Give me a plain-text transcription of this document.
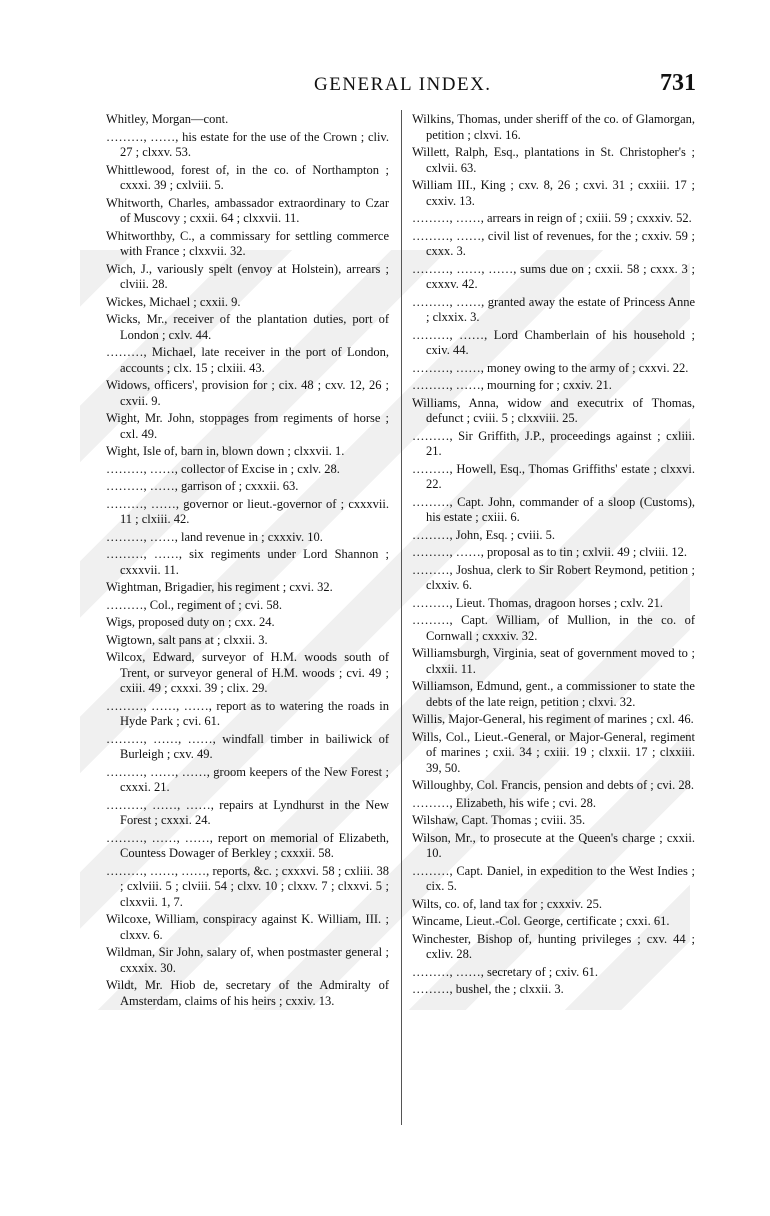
GENERAL INDEX.	731
Whitley, Morgan—cont.
………, ……, his estate for the use of the Crown ; cliv. 27 ; clxxv. 53.
Whittlewood, forest of, in the co. of Northampton ; cxxxi. 39 ; cxlviii. 5.
Whitworth, Charles, ambassador extraordinary to Czar of Muscovy ; cxxii. 64 ; clxxvii. 11.
Whitworthby, C., a commissary for settling commerce with France ; clxxvii. 32.
Wich, J., variously spelt (envoy at Holstein), arrears ; clviii. 28.
Wickes, Michael ; cxxii. 9.
Wicks, Mr., receiver of the plantation duties, port of London ; cxlv. 44.
………, Michael, late receiver in the port of London, accounts ; clx. 15 ; clxiii. 43.
Widows, officers', provision for ; cix. 48 ; cxv. 12, 26 ; cxvii. 9.
Wight, Mr. John, stoppages from regiments of horse ; cxl. 49.
Wight, Isle of, barn in, blown down ; clxxvii. 1.
………, ……, collector of Excise in ; cxlv. 28.
………, ……, garrison of ; cxxxii. 63.
………, ……, governor or lieut.-governor of ; cxxxvii. 11 ; clxiii. 42.
………, ……, land revenue in ; cxxxiv. 10.
………, ……, six regiments under Lord Shannon ; cxxxvii. 11.
Wightman, Brigadier, his regiment ; cxvi. 32.
………, Col., regiment of ; cvi. 58.
Wigs, proposed duty on ; cxx. 24.
Wigtown, salt pans at ; clxxii. 3.
Wilcox, Edward, surveyor of H.M. woods south of Trent, or surveyor general of H.M. woods ; cvi. 49 ; cxiii. 49 ; cxxxi. 39 ; clix. 29.
………, ……, ……, report as to watering the roads in Hyde Park ; cvi. 61.
………, ……, ……, windfall timber in bailiwick of Burleigh ; cxv. 49.
………, ……, ……, groom keepers of the New Forest ; cxxxi. 21.
………, ……, ……, repairs at Lyndhurst in the New Forest ; cxxxi. 24.
………, ……, ……, report on memorial of Elizabeth, Countess Dowager of Berkley ; cxxxii. 58.
………, ……, ……, reports, &c. ; cxxxvi. 58 ; cxliii. 38 ; cxlviii. 5 ; clviii. 54 ; clxv. 10 ; clxxv. 7 ; clxxvi. 5 ; clxxvii. 1, 7.
Wilcoxe, William, conspiracy against K. William, III. ; clxxv. 6.
Wildman, Sir John, salary of, when postmaster general ; cxxxix. 30.
Wildt, Mr. Hiob de, secretary of the Admiralty of Amsterdam, claims of his heirs ; cxxiv. 13.
Wilkins, Thomas, under sheriff of the co. of Glamorgan, petition ; clxvi. 16.
Willett, Ralph, Esq., plantations in St. Christopher's ; cxlvii. 63.
William III., King ; cxv. 8, 26 ; cxvi. 31 ; cxxiii. 17 ; cxxiv. 13.
………, ……, arrears in reign of ; cxiii. 59 ; cxxxiv. 52.
………, ……, civil list of revenues, for the ; cxxiv. 59 ; cxxx. 3.
………, ……, ……, sums due on ; cxxii. 58 ; cxxx. 3 ; cxxxv. 42.
………, ……, granted away the estate of Princess Anne ; clxxix. 3.
………, ……, Lord Chamberlain of his household ; cxiv. 44.
………, ……, money owing to the army of ; cxxvi. 22.
………, ……, mourning for ; cxxiv. 21.
Williams, Anna, widow and executrix of Thomas, defunct ; cviii. 5 ; clxxviii. 25.
………, Sir Griffith, J.P., proceedings against ; cxliii. 21.
………, Howell, Esq., Thomas Griffiths' estate ; clxxvi. 22.
………, Capt. John, commander of a sloop (Customs), his estate ; cxiii. 6.
………, John, Esq. ; cviii. 5.
………, ……, proposal as to tin ; cxlvii. 49 ; clviii. 12.
………, Joshua, clerk to Sir Robert Reymond, petition ; clxxiv. 6.
………, Lieut. Thomas, dragoon horses ; cxlv. 21.
………, Capt. William, of Mullion, in the co. of Cornwall ; cxxxiv. 32.
Williamsburgh, Virginia, seat of government moved to ; clxxii. 11.
Williamson, Edmund, gent., a commissioner to state the debts of the late reign, petition ; clxvi. 32.
Willis, Major-General, his regiment of marines ; cxl. 46.
Wills, Col., Lieut.-General, or Major-General, regiment of marines ; cxii. 34 ; cxiii. 19 ; clxxii. 17 ; clxxiii. 39, 50.
Willoughby, Col. Francis, pension and debts of ; cvi. 28.
………, Elizabeth, his wife ; cvi. 28.
Wilshaw, Capt. Thomas ; cviii. 35.
Wilson, Mr., to prosecute at the Queen's charge ; cxxii. 10.
………, Capt. Daniel, in expedition to the West Indies ; cix. 5.
Wilts, co. of, land tax for ; cxxxiv. 25.
Wincame, Lieut.-Col. George, certificate ; cxxi. 61.
Winchester, Bishop of, hunting privileges ; cxv. 44 ; cxliv. 28.
………, ……, secretary of ; cxiv. 61.
………, bushel, the ; clxxii. 3.
